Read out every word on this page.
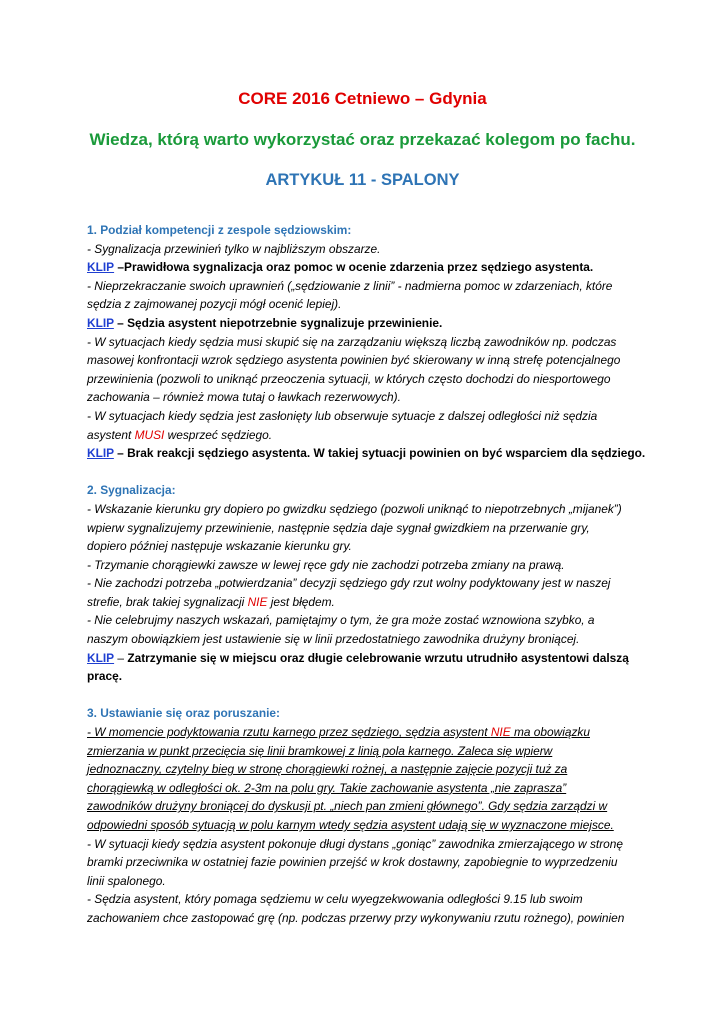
CORE 2016 Cetniewo – Gdynia
Wiedza, którą warto wykorzystać oraz przekazać kolegom po fachu.
ARTYKUŁ 11 - SPALONY
1. Podział kompetencji z zespole sędziowskim:
- Sygnalizacja przewinień tylko w najbliższym obszarze.
KLIP –Prawidłowa sygnalizacja oraz pomoc w ocenie zdarzenia przez sędziego asystenta.
- Nieprzekraczanie swoich uprawnień („sędziowanie z linii” - nadmierna pomoc w zdarzeniach, które
sędzia z zajmowanej pozycji mógł ocenić lepiej).
KLIP – Sędzia asystent niepotrzebnie sygnalizuje przewinienie.
- W sytuacjach kiedy sędzia musi skupić się na zarządzaniu większą liczbą zawodników np. podczas
masowej konfrontacji wzrok sędziego asystenta powinien być skierowany w inną strefę potencjalnego
przewinienia (pozwoli to uniknąć przeoczenia sytuacji, w których często dochodzi do niesportowego
zachowania – również mowa tutaj o ławkach rezerwowych).
- W sytuacjach kiedy sędzia jest zasłonięty lub obserwuje sytuacje z dalszej odległości niż sędzia
asystent MUSI wesprzeć sędziego.
KLIP – Brak reakcji sędziego asystenta. W takiej sytuacji powinien on być wsparciem dla sędziego.
2. Sygnalizacja:
- Wskazanie kierunku gry dopiero po gwizdku sędziego (pozwoli uniknąć to niepotrzebnych „mijanek”)
wpierw sygnalizujemy przewinienie, następnie sędzia daje sygnał gwizdkiem na przerwanie gry,
dopiero później następuje wskazanie kierunku gry.
- Trzymanie chorągiewki zawsze w lewej ręce gdy nie zachodzi potrzeba zmiany na prawą.
- Nie zachodzi potrzeba „potwierdzania” decyzji sędziego gdy rzut wolny podyktowany jest w naszej
strefie, brak takiej sygnalizacji NIE jest błędem.
- Nie celebrujmy naszych wskazań, pamiętajmy o tym, że gra może zostać wznowiona szybko, a
naszym obowiązkiem jest ustawienie się w linii przedostatniego zawodnika drużyny broniącej.
KLIP – Zatrzymanie się w miejscu oraz długie celebrowanie wrzutu utrudniło asystentowi dalszą
pracę.
3. Ustawianie się oraz poruszanie:
- W momencie podyktowania rzutu karnego przez sędziego, sędzia asystent NIE ma obowiązku
zmierzania w punkt przecięcia się linii bramkowej z linią pola karnego. Zaleca się wpierw
jednoznaczny, czytelny bieg w stronę chorągiewki rożnej, a następnie zajęcie pozycji tuż za
chorągiewką w odległości ok. 2-3m na polu gry. Takie zachowanie asystenta „nie zaprasza”
zawodników drużyny broniącej do dyskusji pt. „niech pan zmieni głównego”. Gdy sędzia zarządzi w
odpowiedni sposób sytuacją w polu karnym wtedy sędzia asystent udają się w wyznaczone miejsce.
- W sytuacji kiedy sędzia asystent pokonuje długi dystans „goniąc” zawodnika zmierzającego w stronę
bramki przeciwnika w ostatniej fazie powinien przejść w krok dostawny, zapobiegnie to wyprzedzeniu
linii spalonego.
- Sędzia asystent, który pomaga sędziemu w celu wyegzekwowania odległości 9.15 lub swoim
zachowaniem chce zastopować grę (np. podczas przerwy przy wykonywaniu rzutu rożnego), powinien
